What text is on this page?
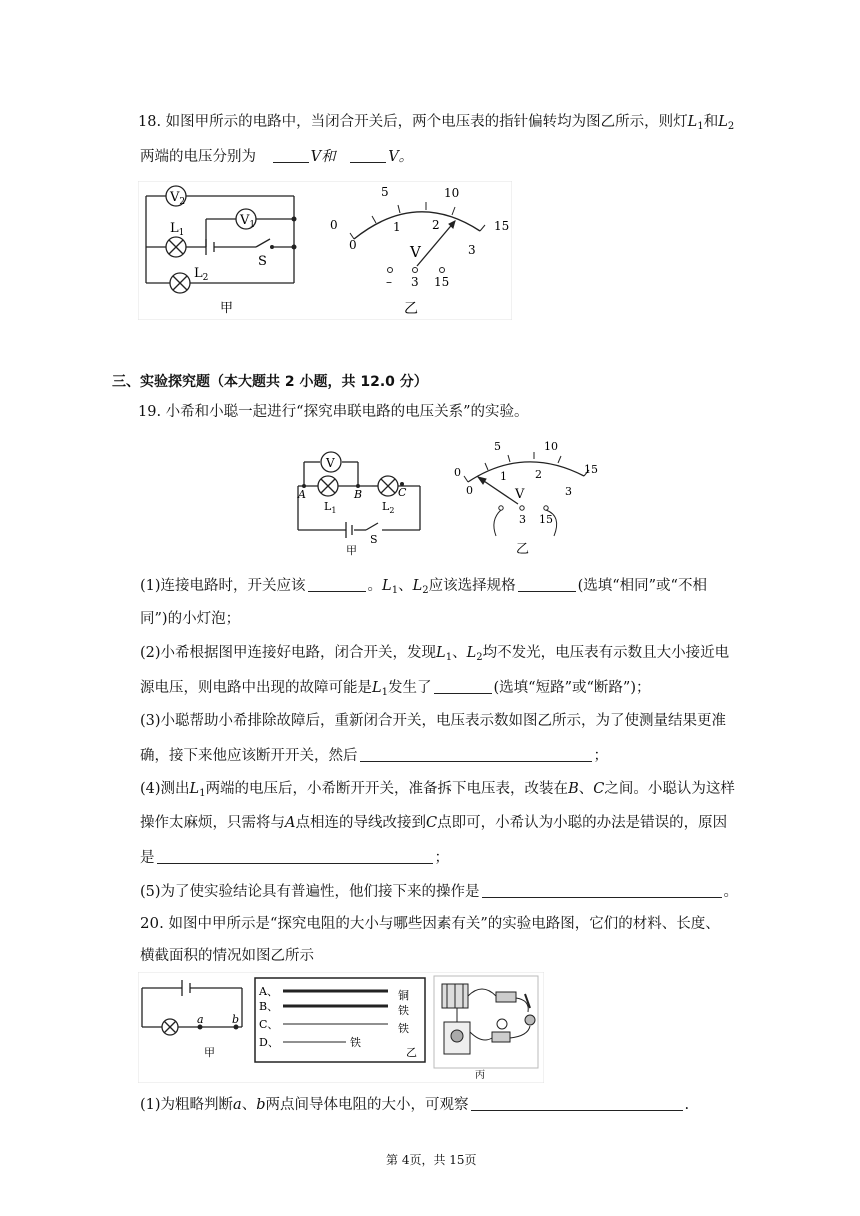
18. 如图甲所示的电路中，当闭合开关后，两个电压表的指针偏转均为图乙所示，则灯$L_1$和$L_2$
两端的电压分别为	V和	V。
$V_2$
$V_1$
$L_1$
$L_2$
S
甲
0
5	10
15
0
1	2
3
V
– 3 15
乙
三、实验探究题（本大题共 2 小题，共 12.0 分）
19. 小希和小聪一起进行“探究串联电路的电压关系”的实验。
V
A	B	C
$L_1$	$L_2$
S
甲
0
5	10
15
0
1	2
3
V
3 15
乙
(1)连接电路时，开关应该	。$L_1$、$L_2$应该选择规格	(选填“相同”或“不相
同”)的小灯泡；
(2)小希根据图甲连接好电路，闭合开关，发现$L_1$、$L_2$均不发光，电压表有示数且大小接近电
源电压，则电路中出现的故障可能是$L_1$发生了	(选填“短路”或“断路”)；
(3)小聪帮助小希排除故障后，重新闭合开关，电压表示数如图乙所示，为了使测量结果更准
确，接下来他应该断开开关，然后	；
(4)测出$L_1$两端的电压后，小希断开开关，准备拆下电压表，改装在B、C之间。小聪认为这样
操作太麻烦，只需将与A点相连的导线改接到C点即可，小希认为小聪的办法是错误的，原因
是	；
(5)为了使实验结论具有普遍性，他们接下来的操作是	。
20. 如图中甲所示是“探究电阻的大小与哪些因素有关”的实验电路图，它们的材料、长度、
横截面积的情况如图乙所示
a	b
甲
A、
B、
C、
D、
铜
铁
铁
铁
乙
丙
(1)为粗略判断a、b两点间导体电阻的大小，可观察	.
第 4页，共 15页
